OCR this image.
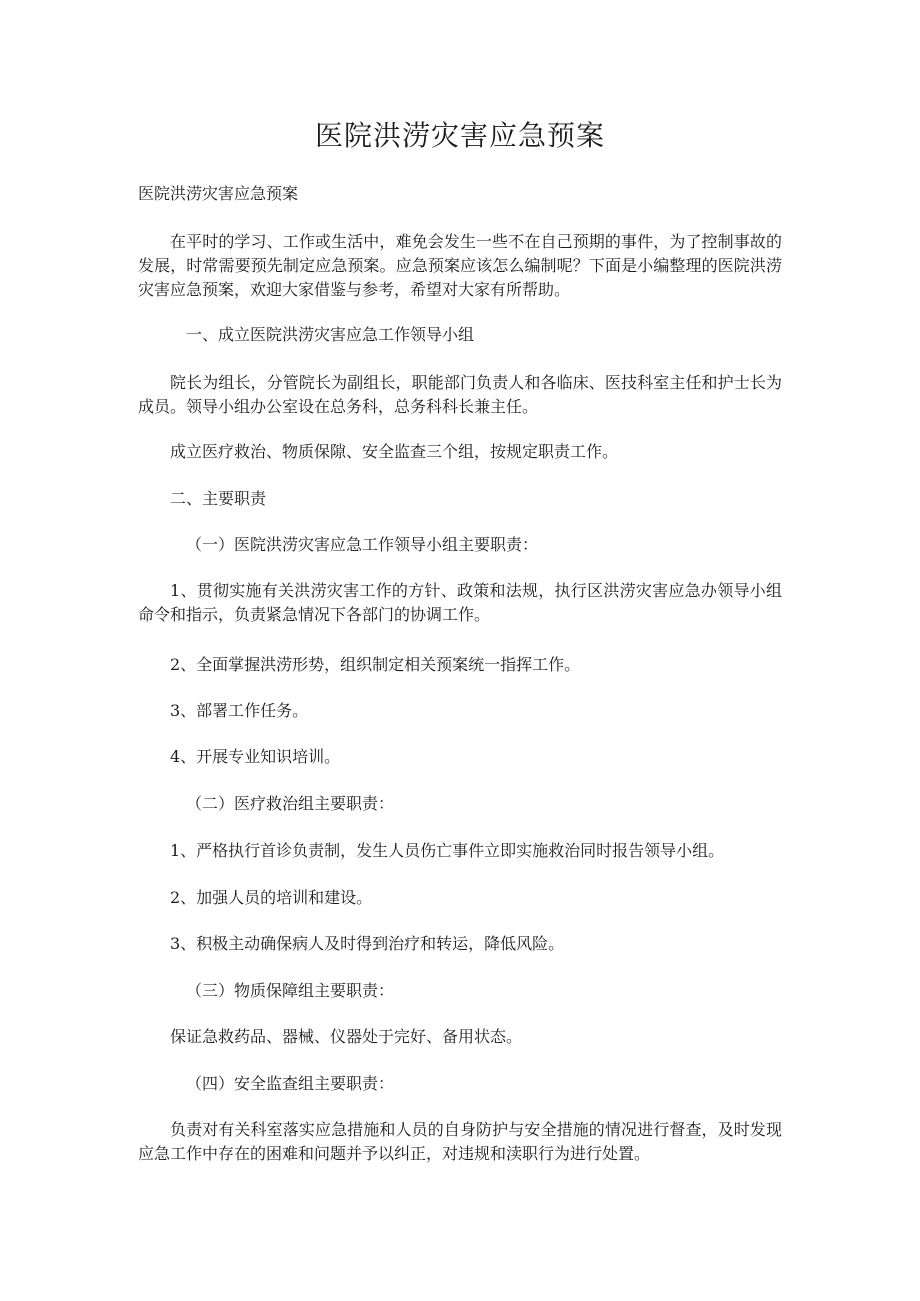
医院洪涝灾害应急预案
医院洪涝灾害应急预案
在平时的学习、工作或生活中，难免会发生一些不在自己预期的事件，为了控制事故的发展，时常需要预先制定应急预案。应急预案应该怎么编制呢？下面是小编整理的医院洪涝灾害应急预案，欢迎大家借鉴与参考，希望对大家有所帮助。
一、成立医院洪涝灾害应急工作领导小组
院长为组长，分管院长为副组长，职能部门负责人和各临床、医技科室主任和护士长为成员。领导小组办公室设在总务科，总务科科长兼主任。
成立医疗救治、物质保隙、安全监查三个组，按规定职责工作。
二、主要职责
（一）医院洪涝灾害应急工作领导小组主要职责：
1、贯彻实施有关洪涝灾害工作的方针、政策和法规，执行区洪涝灾害应急办领导小组命令和指示，负责紧急情况下各部门的协调工作。
2、全面掌握洪涝形势，组织制定相关预案统一指挥工作。
3、部署工作任务。
4、开展专业知识培训。
（二）医疗救治组主要职责：
1、严格执行首诊负责制，发生人员伤亡事件立即实施救治同时报告领导小组。
2、加强人员的培训和建设。
3、积极主动确保病人及时得到治疗和转运，降低风险。
（三）物质保障组主要职责：
保证急救药品、器械、仪器处于完好、备用状态。
（四）安全监查组主要职责：
负责对有关科室落实应急措施和人员的自身防护与安全措施的情况进行督查，及时发现应急工作中存在的困难和问题并予以纠正，对违规和渎职行为进行处置。
